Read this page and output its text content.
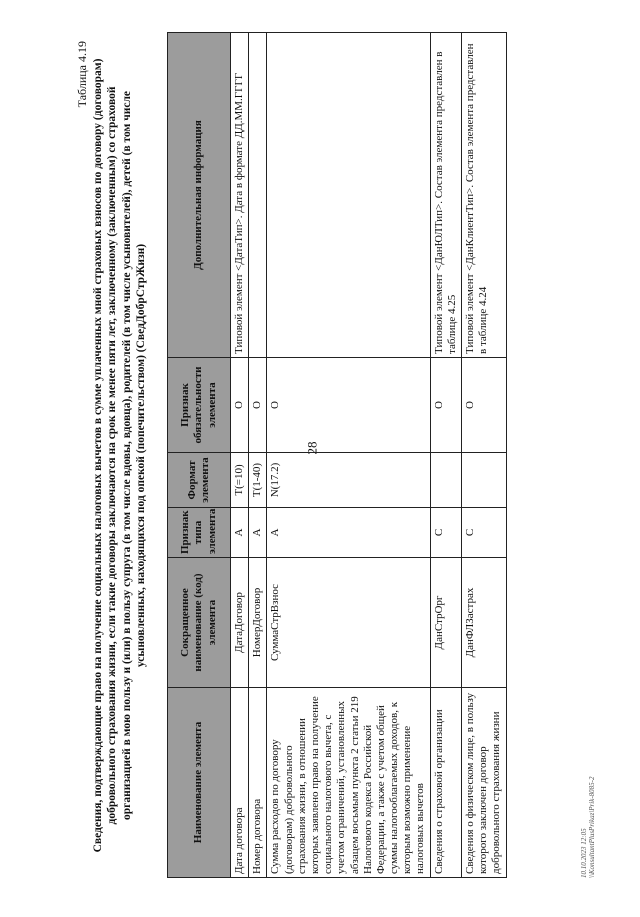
28
Таблица 4.19 Сведения, подтверждающие право на получение социальных налоговых вычетов в сумме уплаченных мной страховых взносов по договору (договорам) добровольного страхования жизни, если такие договоры заключаются на срок не менее пяти лет, заключенному (заключенным) со страховой организацией в мою пользу и (или) в пользу супруга (в том числе вдовы, вдовца), родителей (в том числе усыновителей), детей (в том числе усыновленных, находящихся под опекой (попечительством) (СведДобрСтрЖизн)
Наименование элемента	Сокращенное наименование (код) элемента	Признак типа элемента	Формат элемента	Признак обязательности элемента	Дополнительная информация
Дата договора	ДатаДоговор	А	T(=10)	О	Типовой элемент <ДатаТип>. Дата в формате ДД.ММ.ГГГГ
Номер договора	НомерДоговор	А	T(1-40)	О	
Сумма расходов по договору (договорам) добровольного страхования жизни, в отношении которых заявлено право на получение социального налогового вычета, с учетом ограничений, установленных абзацем восьмым пункта 2 статьи 219 Налогового кодекса Российской Федерации, а также с учетом общей суммы налогооблагаемых доходов, к которым возможно применение налоговых вычетов	СуммаСтрВзнос	А	N(17.2)	О	
Сведения о страховой организации	ДанСтрОрг	С		О	Типовой элемент <ДанЮЛТип>. Состав элемента представлен в таблице 4.25
Сведения о физическом лице, в пользу которого заключен договор добровольного страхования жизни	ДанФЛЗастрах	С		О	Типовой элемент <ДанКлиентТип>. Состав элемента представлен в таблице 4.24
10.10.2023 12:05 \\KonsultantPlusPrikaz\Prik-8085-2
